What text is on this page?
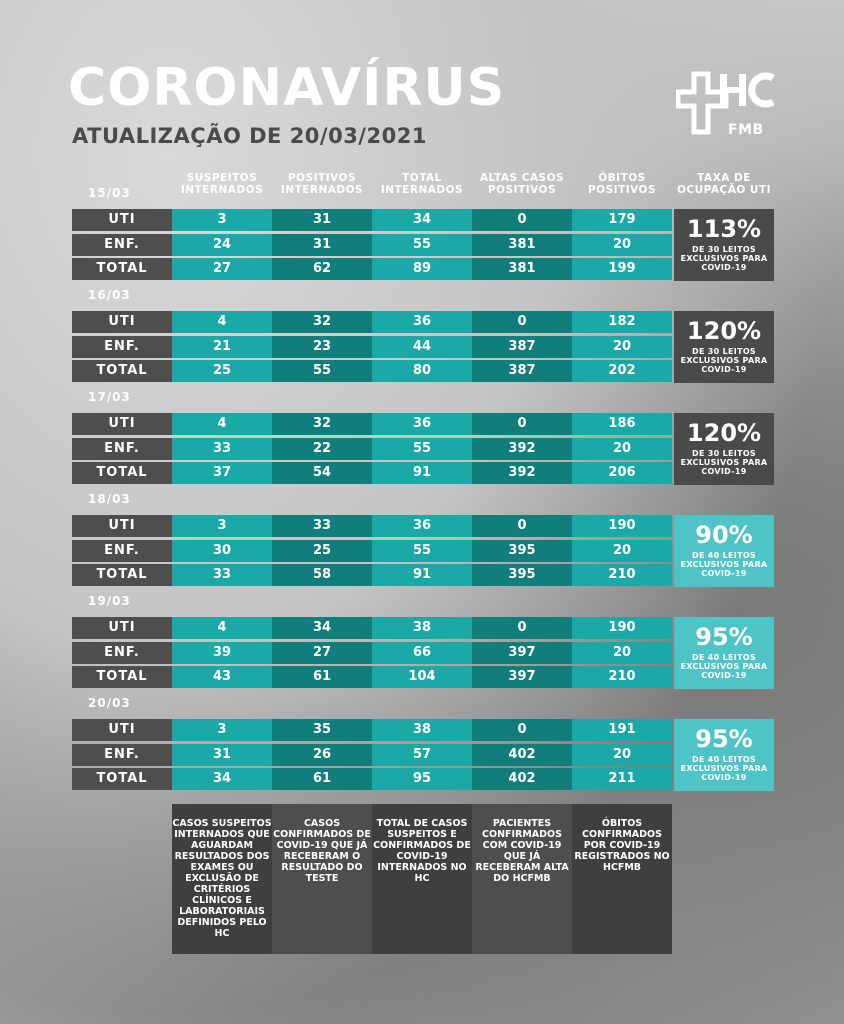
CORONAVÍRUS
ATUALIZAÇÃO DE 20/03/2021	FMB
SUSPEITOS INTERNADOS
POSITIVOS INTERNADOS
TOTAL INTERNADOS
ALTAS CASOS POSITIVOS
ÓBITOS POSITIVOS
TAXA DE OCUPAÇÃO UTI
15/03
UTI	3	31	34	0	179
ENF.	24	31	55	381	20
TOTAL	27	62	89	381	199
113%
DE 30 LEITOS EXCLUSIVOS PARA COVID-19
16/03
UTI	4	32	36	0	182
ENF.	21	23	44	387	20
TOTAL	25	55	80	387	202
120%
DE 30 LEITOS EXCLUSIVOS PARA COVID-19
17/03
UTI	4	32	36	0	186
ENF.	33	22	55	392	20
TOTAL	37	54	91	392	206
120%
DE 30 LEITOS EXCLUSIVOS PARA COVID-19
18/03
UTI	3	33	36	0	190
ENF.	30	25	55	395	20
TOTAL	33	58	91	395	210
90%
DE 40 LEITOS EXCLUSIVOS PARA COVID-19
19/03
UTI	4	34	38	0	190
ENF.	39	27	66	397	20
TOTAL	43	61	104	397	210
95%
DE 40 LEITOS EXCLUSIVOS PARA COVID-19
20/03
UTI	3	35	38	0	191
ENF.	31	26	57	402	20
TOTAL	34	61	95	402	211
95%
DE 40 LEITOS EXCLUSIVOS PARA COVID-19
CASOS SUSPEITOS INTERNADOS QUE AGUARDAM RESULTADOS DOS EXAMES OU EXCLUSÃO DE CRITÉRIOS CLÍNICOS E LABORATORIAIS DEFINIDOS PELO HC
CASOS CONFIRMADOS DE COVID-19 QUE JÁ RECEBERAM O RESULTADO DO TESTE
TOTAL DE CASOS SUSPEITOS E CONFIRMADOS DE COVID-19 INTERNADOS NO HC
PACIENTES CONFIRMADOS COM COVID-19 QUE JÁ RECEBERAM ALTA DO HCFMB
ÓBITOS CONFIRMADOS POR COVID-19 REGISTRADOS NO HCFMB
